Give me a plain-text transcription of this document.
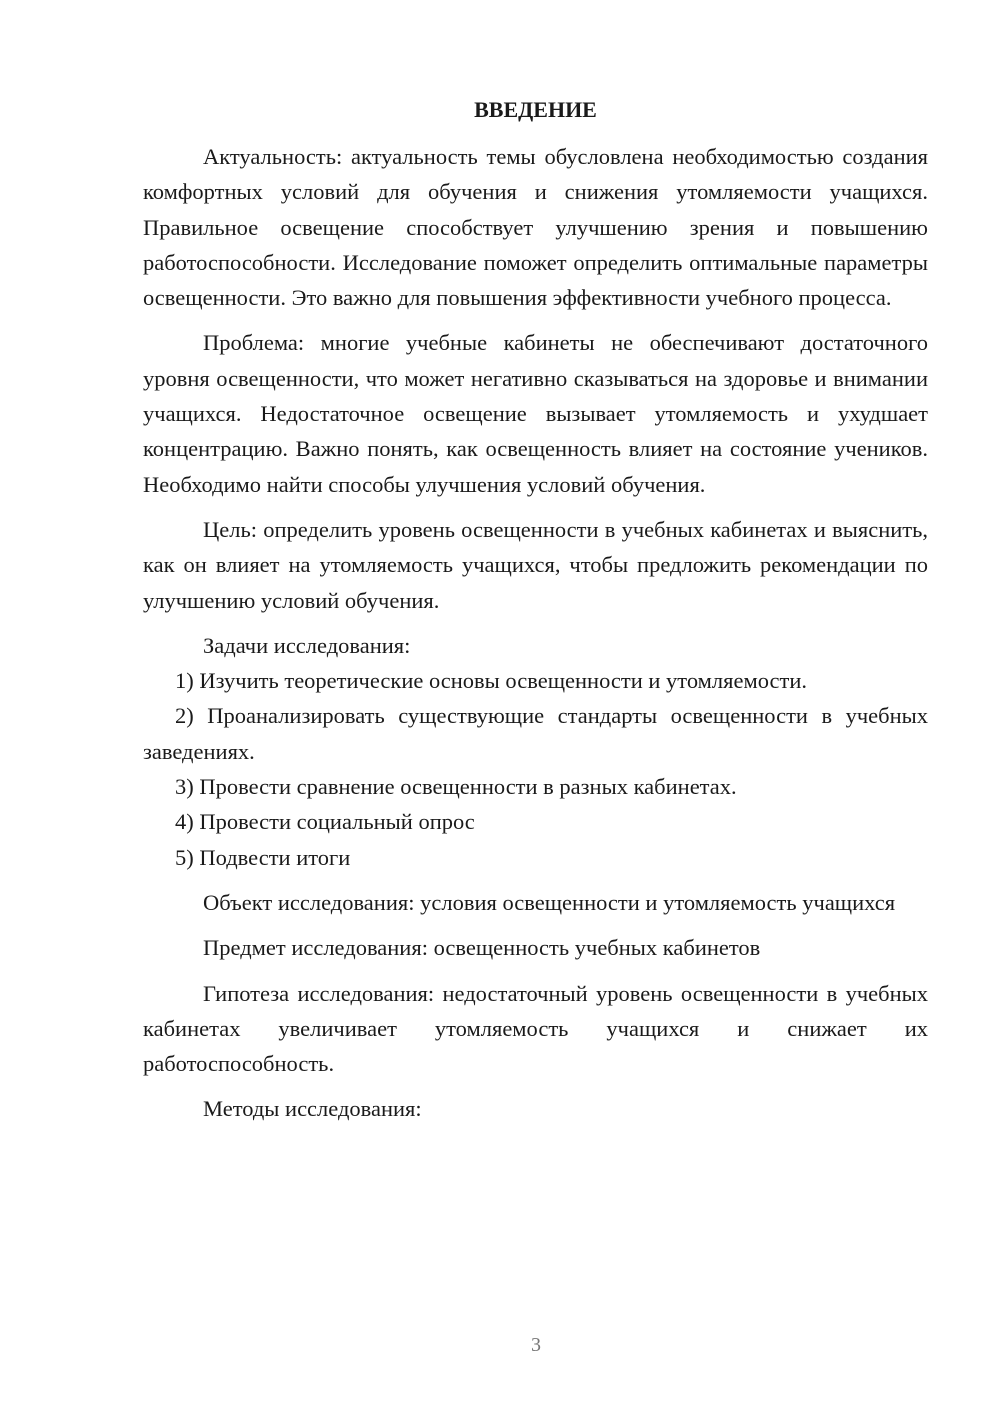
ВВЕДЕНИЕ

Актуальность: актуальность темы обусловлена необходимостью создания комфортных условий для обучения и снижения утомляемости учащихся. Правильное освещение способствует улучшению зрения и повышению работоспособности. Исследование поможет определить оптимальные параметры освещенности. Это важно для повышения эффективности учебного процесса.

Проблема: многие учебные кабинеты не обеспечивают достаточного уровня освещенности, что может негативно сказываться на здоровье и внимании учащихся. Недостаточное освещение вызывает утомляемость и ухудшает концентрацию. Важно понять, как освещенность влияет на состояние учеников. Необходимо найти способы улучшения условий обучения.

Цель: определить уровень освещенности в учебных кабинетах и выяснить, как он влияет на утомляемость учащихся, чтобы предложить рекомендации по улучшению условий обучения.

Задачи исследования:

1) Изучить теоретические основы освещенности и утомляемости.

2) Проанализировать существующие стандарты освещенности в учебных заведениях.

3) Провести сравнение освещенности в разных кабинетах.

4) Провести социальный опрос

5) Подвести итоги

Объект исследования: условия освещенности и утомляемость учащихся

Предмет исследования: освещенность учебных кабинетов

Гипотеза исследования: недостаточный уровень освещенности в учебных кабинетах увеличивает утомляемость учащихся и снижает их работоспособность.

Методы исследования:

3
